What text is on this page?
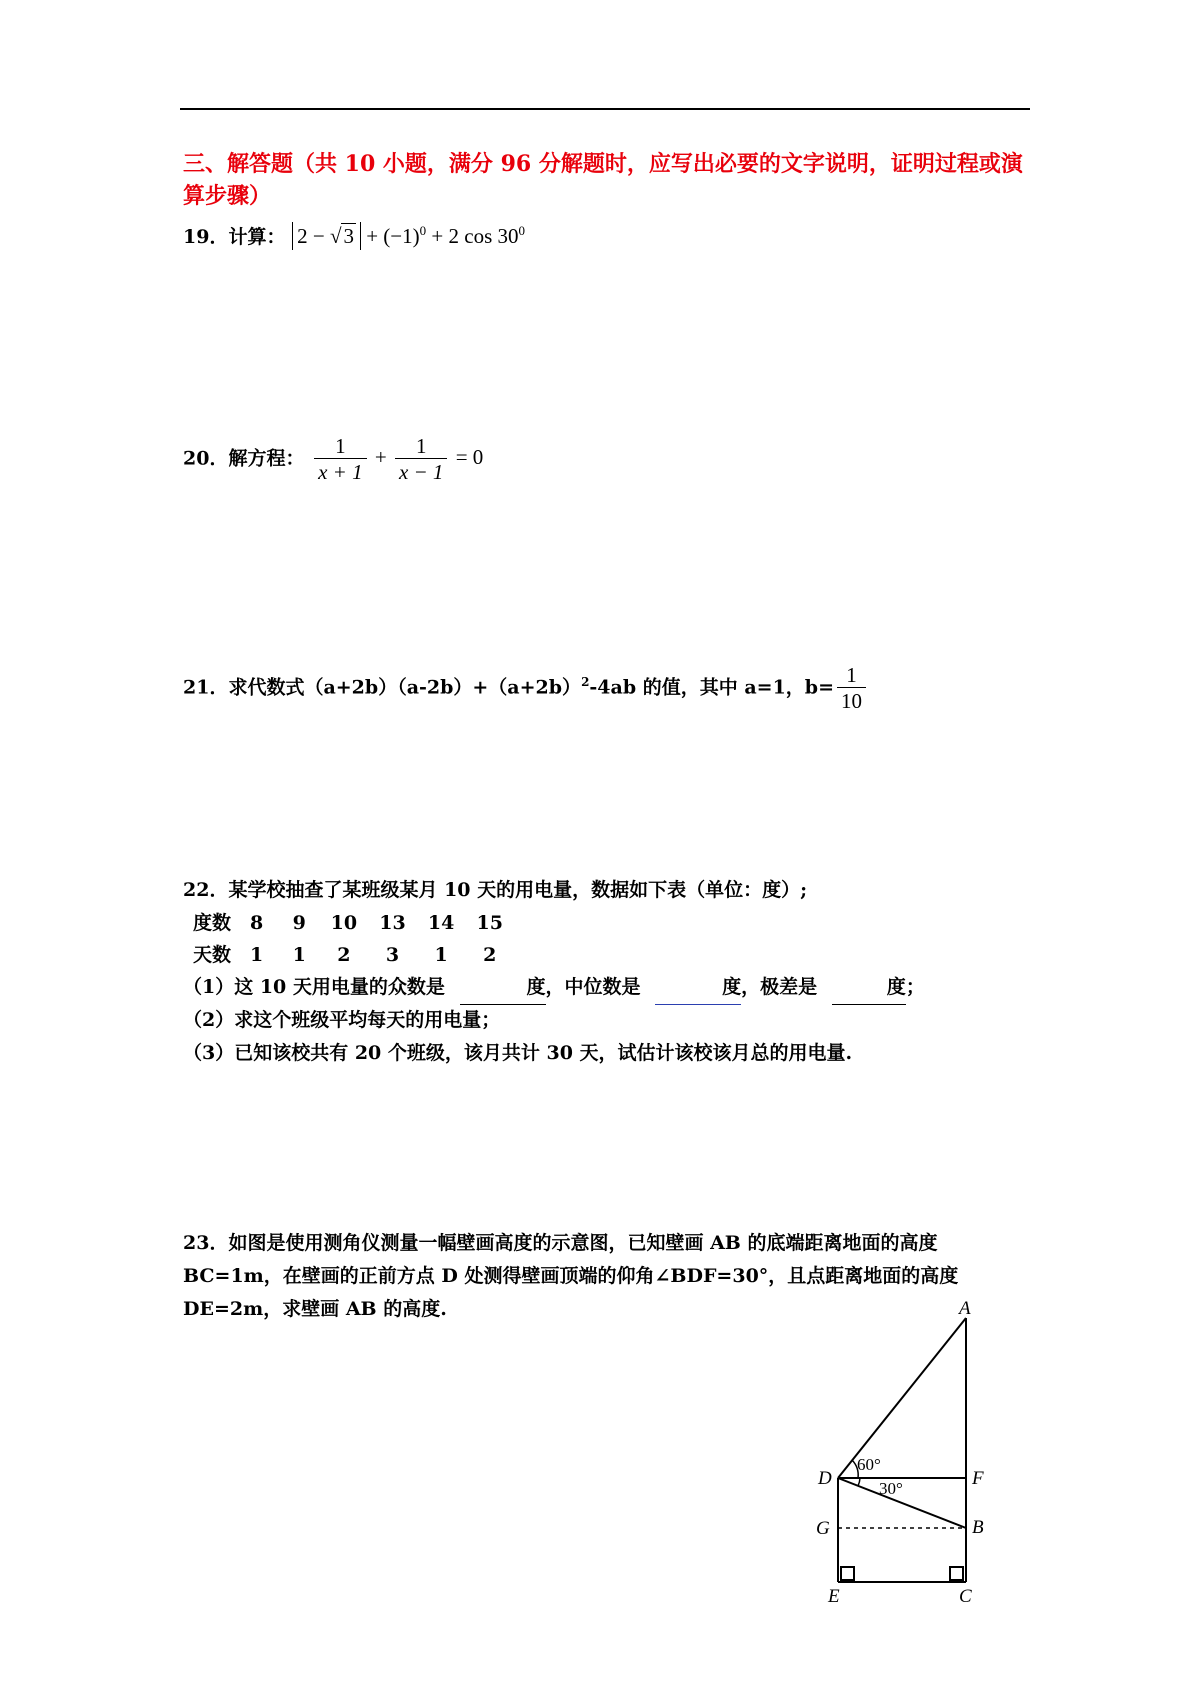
三、解答题（共 10 小题，满分 96 分解题时，应写出必要的文字说明，证明过程或演算步骤）
19．计算： $2 - √3 + (-1)^0 + 2$ $\cos 30^0$
20．解方程： $\frac{1}{x + 1} + \frac{1}{x - 1} = 0$
21．求代数式$(a+2b)(a-2b)+(a+2b)^2-4ab$ 的值，其中 a=1，$b= \frac{1}{10}$
22．某学校抽查了某班级某月 10 天的用电量，数据如下表（单位：度）;
度数 8 9 10 13 14 15
天数 1 1 2 3 1 2
（1）这 10 天用电量的众数是	度，中位数是	度，极差是	度；
（2）求这个班级平均每天的用电量；
（3）已知该校共有 20 个班级，该月共计 30 天，试估计该校该月总的用电量.
23．如图是使用测角仪测量一幅壁画高度的示意图，已知壁画 AB 的底端距离地面的高度
BC=1m，在壁画的正前方点 D 处测得壁画顶端的仰角∠BDF=30°，且点距离地面的高度
DE=2m，求壁画 AB 的高度.	A
B
C
D
E
F
G
60°
30°
